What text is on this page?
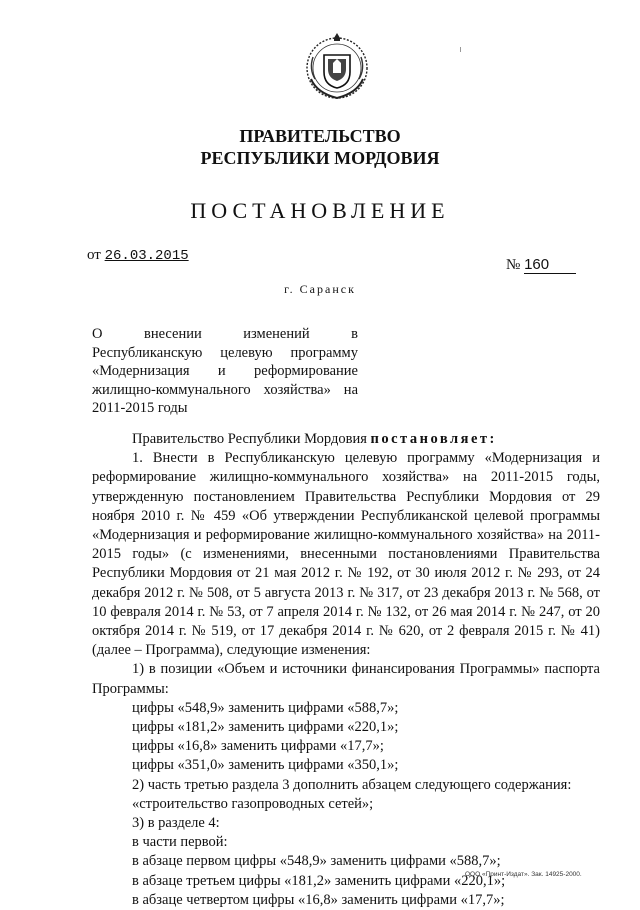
ПРАВИТЕЛЬСТВО
РЕСПУБЛИКИ МОРДОВИЯ
ПОСТАНОВЛЕНИЕ
от 26.03.2015
№ 160
г. Саранск
О внесении изменений в Республиканскую целевую программу «Модернизация и реформирование жилищно-коммунального хозяйства» на 2011-2015 годы

Правительство Республики Мордовия постановляет:

1. Внести в Республиканскую целевую программу «Модернизация и реформирование жилищно-коммунального хозяйства» на 2011-2015 годы, утвержденную постановлением Правительства Республики Мордовия от 29 ноября 2010 г. № 459 «Об утверждении Республиканской целевой программы «Модернизация и реформирование жилищно-коммунального хозяйства» на 2011-2015 годы» (с изменениями, внесенными постановлениями Правительства Республики Мордовия от 21 мая 2012 г. № 192, от 30 июля 2012 г. № 293, от 24 декабря 2012 г. № 508, от 5 августа 2013 г. № 317, от 23 декабря 2013 г. № 568, от 10 февраля 2014 г. № 53, от 7 апреля 2014 г. № 132, от 26 мая 2014 г. № 247, от 20 октября 2014 г. № 519, от 17 декабря 2014 г. № 620, от 2 февраля 2015 г. № 41) (далее – Программа), следующие изменения:

1) в позиции «Объем и источники финансирования Программы» паспорта Программы:

цифры «548,9» заменить цифрами «588,7»;

цифры «181,2» заменить цифрами «220,1»;

цифры «16,8» заменить цифрами «17,7»;

цифры «351,0» заменить цифрами «350,1»;

2) часть третью раздела 3 дополнить абзацем следующего содержания:

«строительство газопроводных сетей»;

3) в разделе 4:

в части первой:

в абзаце первом цифры «548,9» заменить цифрами «588,7»;

в абзаце третьем цифры «181,2» заменить цифрами «220,1»;

в абзаце четвертом цифры «16,8» заменить цифрами «17,7»;

ООО «Принт-Издат». Зак. 14925-2000.
